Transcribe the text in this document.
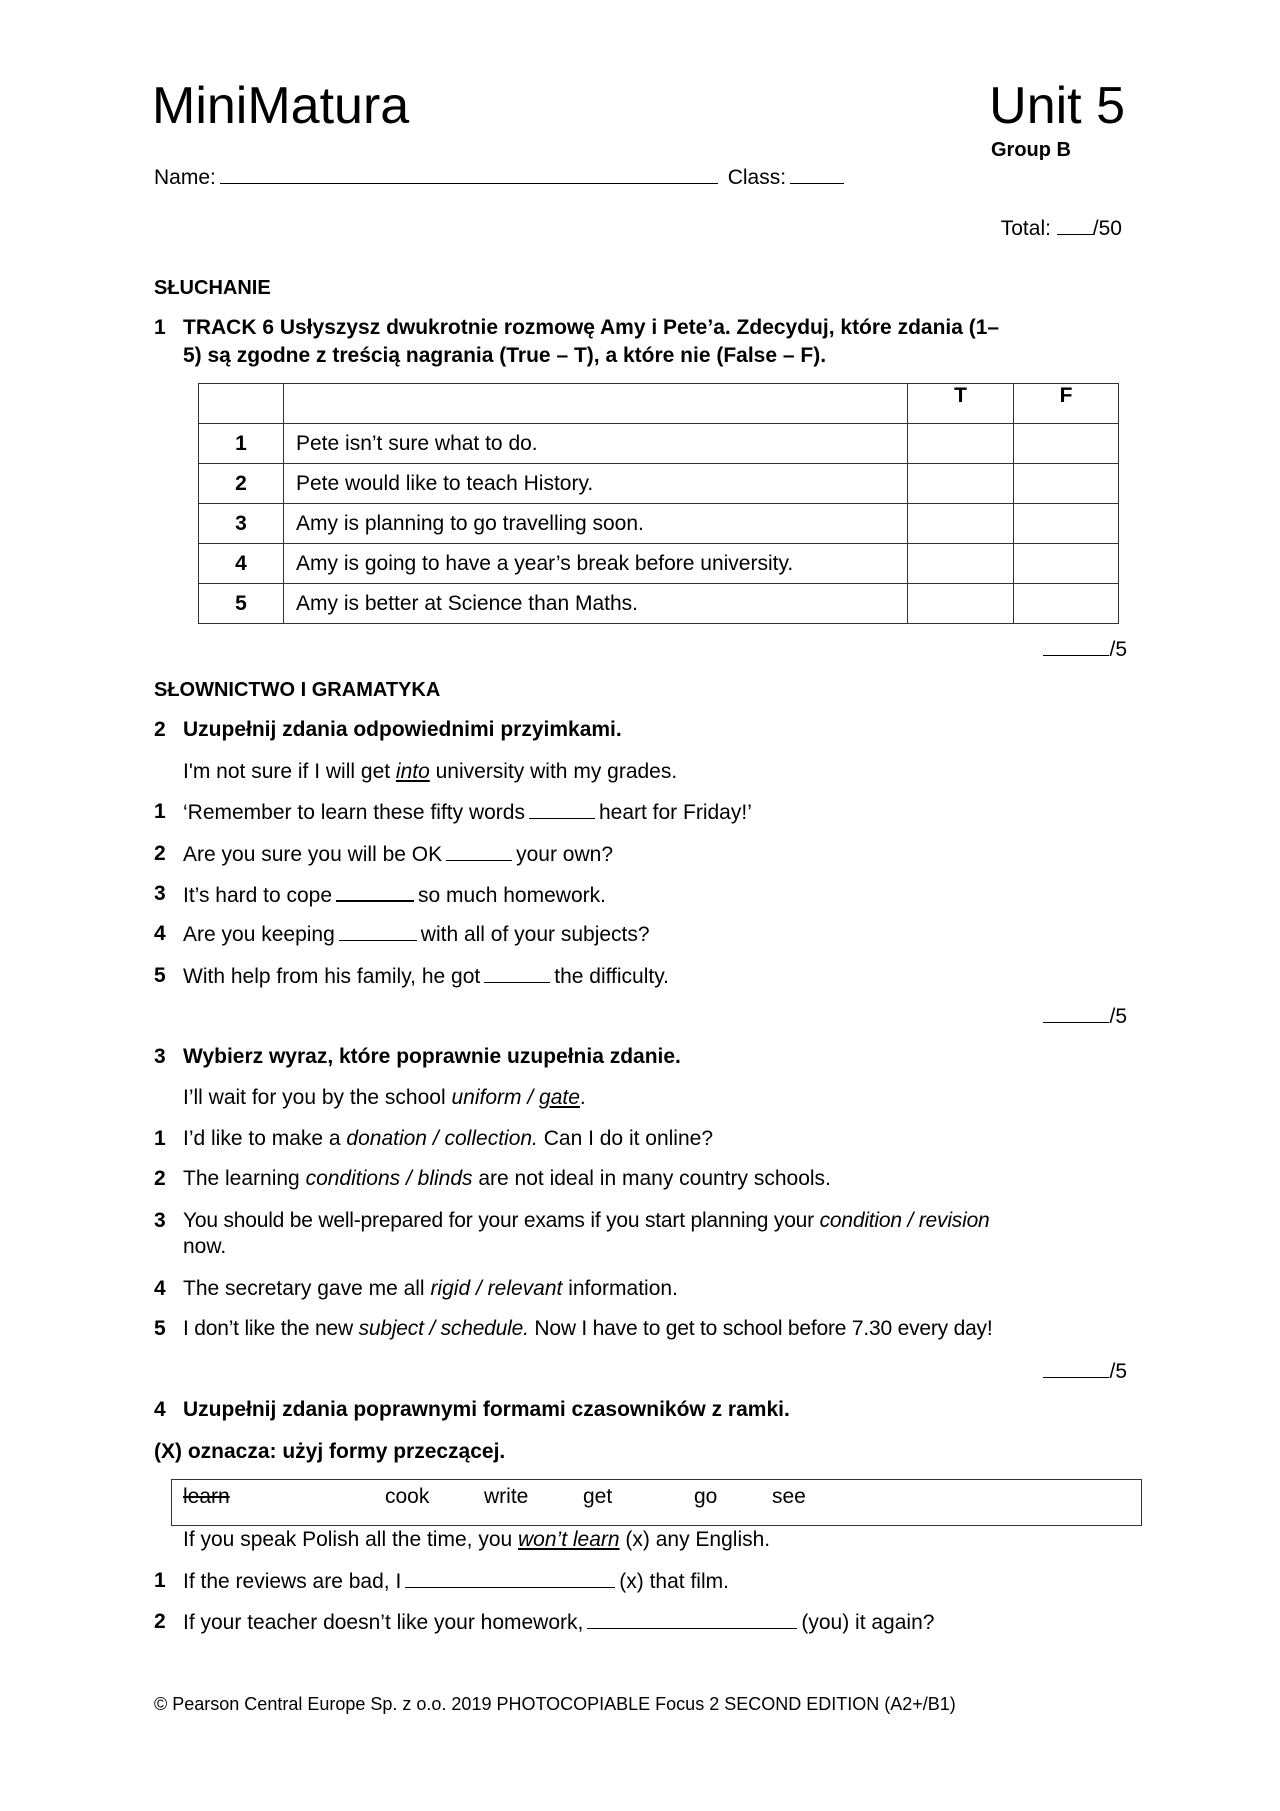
MiniMatura	Unit 5
Group B
Name:	Class:
Total: /50
SŁUCHANIE
1 TRACK 6 Usłyszysz dwukrotnie rozmowę Amy i Pete’a. Zdecyduj, które zdania (1–
5) są zgodne z treścią nagrania (True – T), a które nie (False – F).
		T	F
1	Pete isn’t sure what to do.		
2	Pete would like to teach History.		
3	Amy is planning to go travelling soon.		
4	Amy is going to have a year’s break before university.		
5	Amy is better at Science than Maths.		
/5
SŁOWNICTWO I GRAMATYKA
2 Uzupełnij zdania odpowiednimi przyimkami.
I'm not sure if I will get into university with my grades.
1 ‘Remember to learn these fifty words	heart for Friday!’
2 Are you sure you will be OK	your own?
3 It’s hard to cope	so much homework.
4 Are you keeping	with all of your subjects?
5 With help from his family, he got	the difficulty.
/5
3 Wybierz wyraz, które poprawnie uzupełnia zdanie.
I’ll wait for you by the school uniform / gate.
1 I’d like to make a donation / collection. Can I do it online?
2 The learning conditions / blinds are not ideal in many country schools.
3 You should be well-prepared for your exams if you start planning your condition / revision
now.
4 The secretary gave me all rigid / relevant information.
5 I don’t like the new subject / schedule. Now I have to get to school before 7.30 every day!
/5
4 Uzupełnij zdania poprawnymi formami czasowników z ramki.
(X) oznacza: użyj formy przeczącej.
learn	cook	write	get	go	see
If you speak Polish all the time, you won’t learn (x) any English.
1 If the reviews are bad, I	(x) that film.
2 If your teacher doesn’t like your homework,	(you) it again?
© Pearson Central Europe Sp. z o.o. 2019 PHOTOCOPIABLE Focus 2 SECOND EDITION (A2+/B1)
